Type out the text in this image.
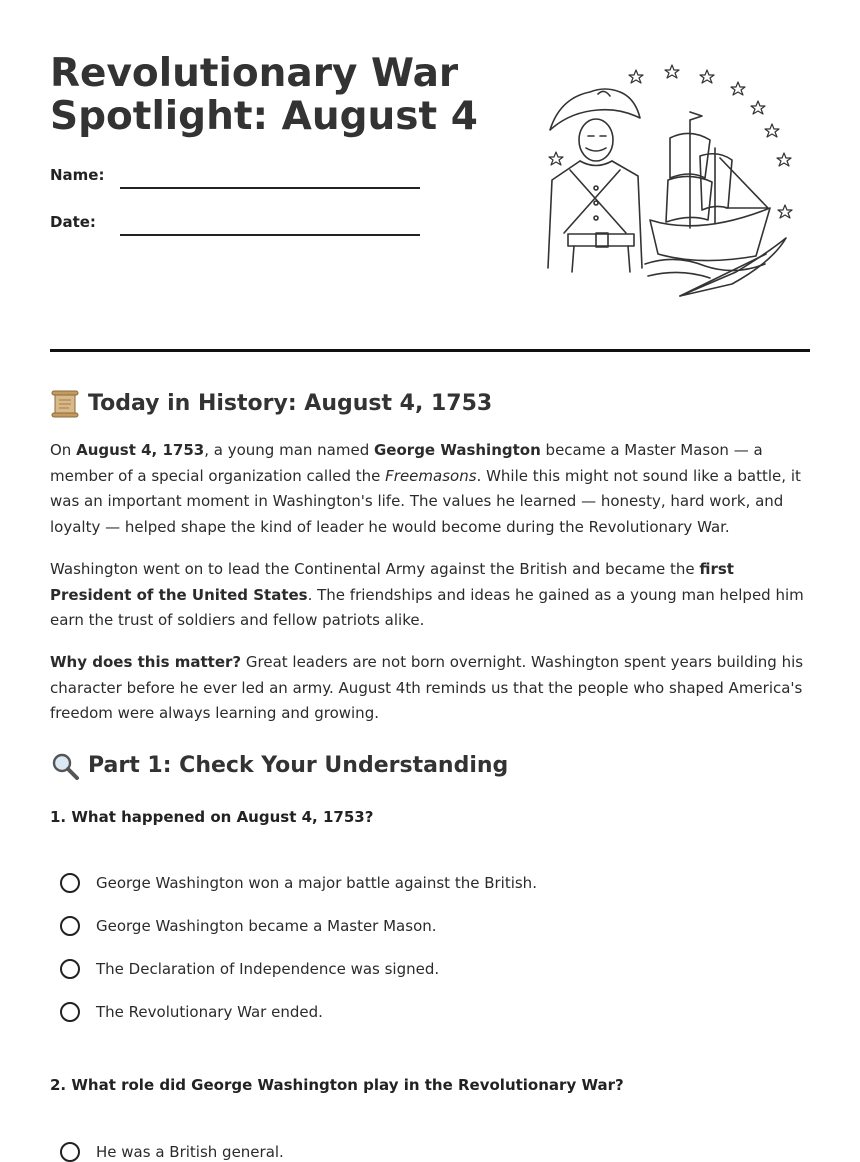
Revolutionary War
Spotlight: August 4
Name:
Date:
Today in History: August 4, 1753

On August 4, 1753, a young man named George Washington became a Master Mason — a member of a special organization called the Freemasons. While this might not sound like a battle, it was an important moment in Washington's life. The values he learned — honesty, hard work, and loyalty — helped shape the kind of leader he would become during the Revolutionary War.

Washington went on to lead the Continental Army against the British and became the first President of the United States. The friendships and ideas he gained as a young man helped him earn the trust of soldiers and fellow patriots alike.

Why does this matter? Great leaders are not born overnight. Washington spent years building his character before he ever led an army. August 4th reminds us that the people who shaped America's freedom were always learning and growing.

Part 1: Check Your Understanding

1. What happened on August 4, 1753?

George Washington won a major battle against the British.
George Washington became a Master Mason.
The Declaration of Independence was signed.
The Revolutionary War ended.

2. What role did George Washington play in the Revolutionary War?

He was a British general.
